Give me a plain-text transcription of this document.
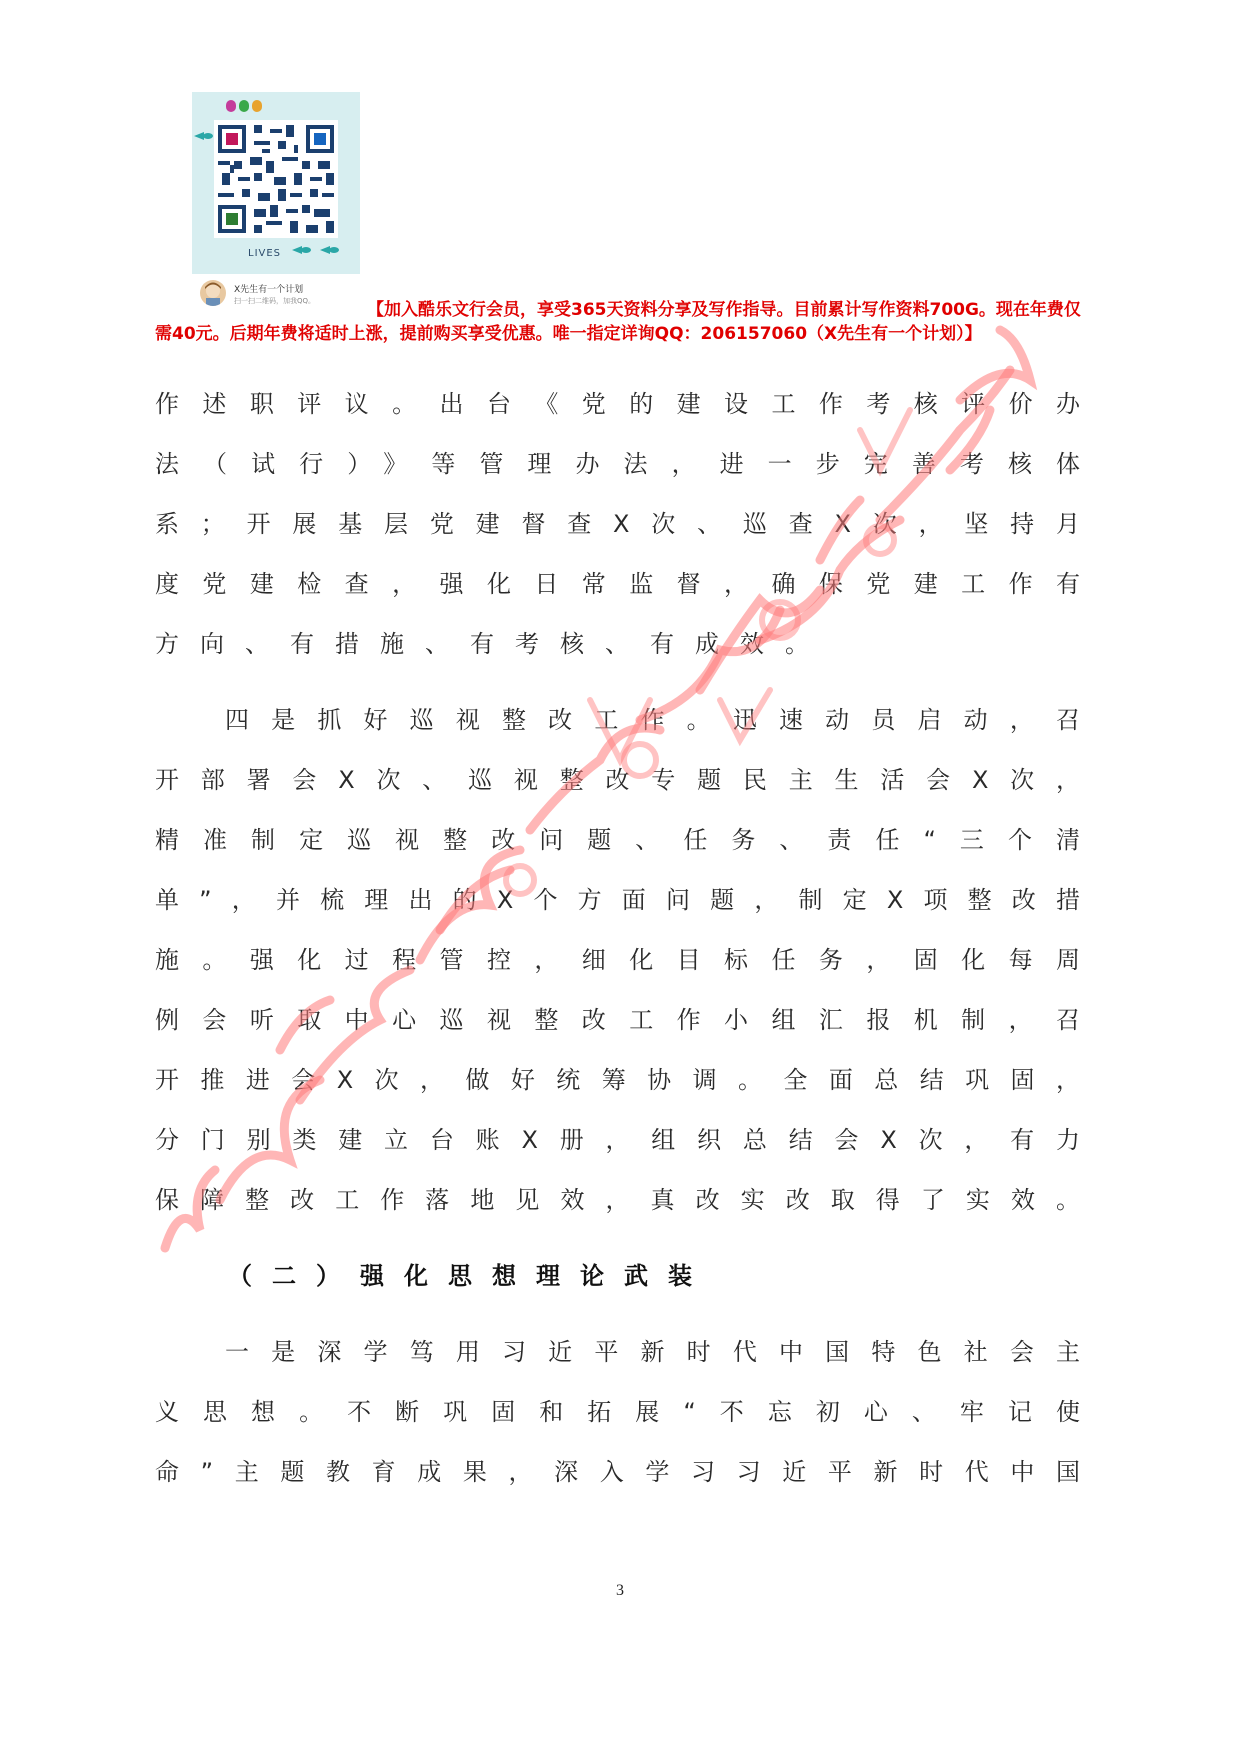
LIVES
X先生有一个计划
扫一扫二维码，加我QQ。	【加入酷乐文行会员，享受365天资料分享及写作指导。目前累计写作资料700G。现在年费仅需40元。后期年费将适时上涨，提前购买享受优惠。唯一指定详询QQ：206157060（X先生有一个计划）】

作述职评议。出台《党的建设工作考核评价办

法（试行）》等管理办法，进一步完善考核体

系；开展基层党建督查X次、巡查X次，坚持月

度党建检查，强化日常监督，确保党建工作有

方向、有措施、有考核、有成效。

四是抓好巡视整改工作。迅速动员启动，召

开部署会X次、巡视整改专题民主生活会X次，

精准制定巡视整改问题、任务、责任“三个清

单”，并梳理出的X个方面问题，制定X项整改措

施。强化过程管控，细化目标任务，固化每周

例会听取中心巡视整改工作小组汇报机制，召

开推进会X次，做好统筹协调。全面总结巩固，

分门别类建立台账X册，组织总结会X次，有力

保障整改工作落地见效，真改实改取得了实效。

（二）强化思想理论武装

一是深学笃用习近平新时代中国特色社会主

义思想。不断巩固和拓展“不忘初心、牢记使

命”主题教育成果，深入学习习近平新时代中国

3
